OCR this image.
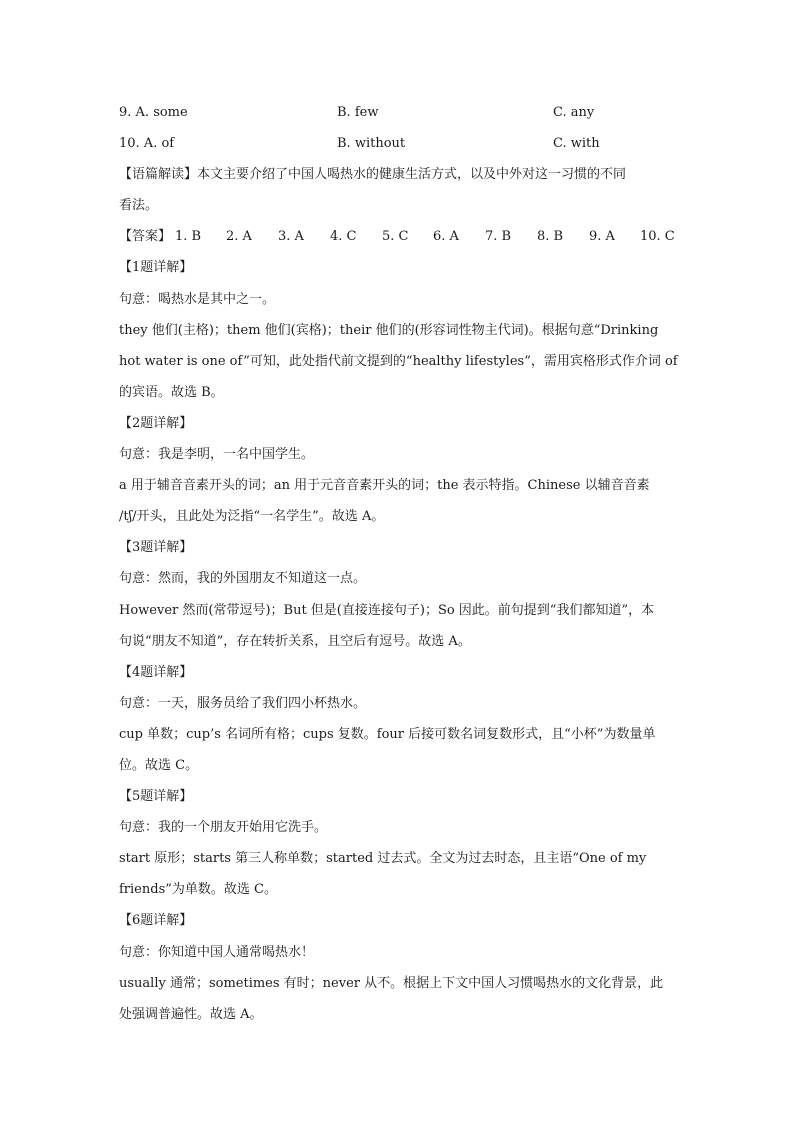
9. A. some	B. few	C. any
10. A. of	B. without	C. with
【语篇解读】本文主要介绍了中国人喝热水的健康生活方式，以及中外对这一习惯的不同
看法。
【答案】 1. B 2. A 3. A 4. C 5. C 6. A 7. B 8. B 9. A 10. C
【1题详解】
句意：喝热水是其中之一。
they 他们(主格)；them 他们(宾格)；their 他们的(形容词性物主代词)。根据句意“Drinking
hot water is one of”可知，此处指代前文提到的“healthy lifestyles”，需用宾格形式作介词 of
的宾语。故选 B。
【2题详解】
句意：我是李明，一名中国学生。
a 用于辅音音素开头的词；an 用于元音音素开头的词；the 表示特指。Chinese 以辅音音素
/tʃ/开头，且此处为泛指“一名学生”。故选 A。
【3题详解】
句意：然而，我的外国朋友不知道这一点。
However 然而(常带逗号)；But 但是(直接连接句子)；So 因此。前句提到“我们都知道”，本
句说“朋友不知道”，存在转折关系，且空后有逗号。故选 A。
【4题详解】
句意：一天，服务员给了我们四小杯热水。
cup 单数；cup’s 名词所有格；cups 复数。four 后接可数名词复数形式，且“小杯”为数量单
位。故选 C。
【5题详解】
句意：我的一个朋友开始用它洗手。
start 原形；starts 第三人称单数；started 过去式。全文为过去时态，且主语“One of my
friends”为单数。故选 C。
【6题详解】
句意：你知道中国人通常喝热水！
usually 通常；sometimes 有时；never 从不。根据上下文中国人习惯喝热水的文化背景，此
处强调普遍性。故选 A。
